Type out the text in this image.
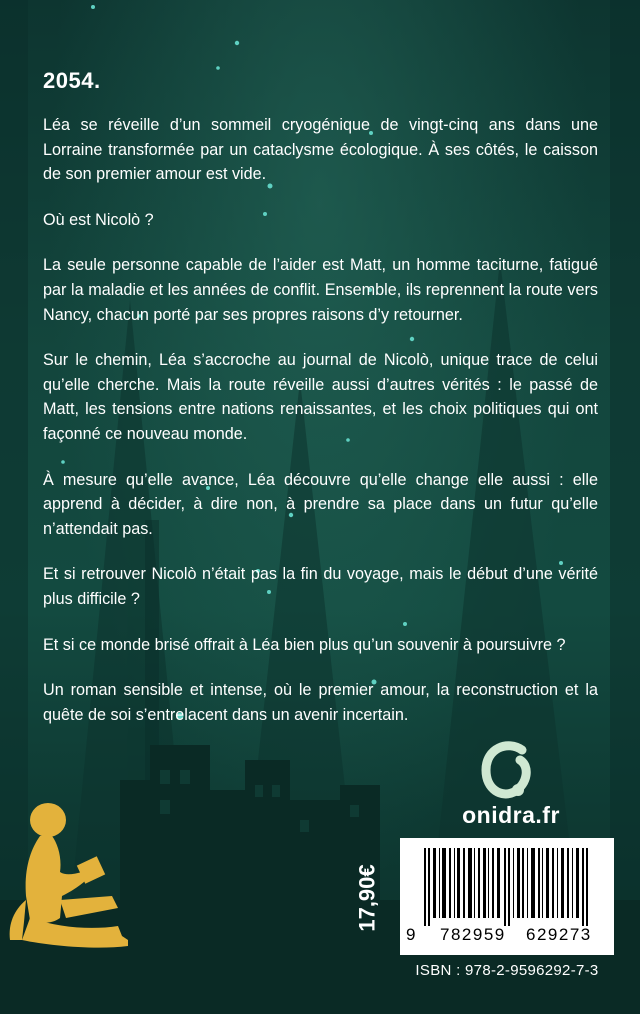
2054.

Léa se réveille d’un sommeil cryogénique de vingt-cinq ans dans une Lorraine transformée par un cataclysme écologique. À ses côtés, le caisson de son premier amour est vide.

Où est Nicolò ?

La seule personne capable de l’aider est Matt, un homme taciturne, fatigué par la maladie et les années de conflit. Ensemble, ils reprennent la route vers Nancy, chacun porté par ses propres raisons d’y retourner.

Sur le chemin, Léa s’accroche au journal de Nicolò, unique trace de celui qu’elle cherche. Mais la route réveille aussi d’autres vérités : le passé de Matt, les tensions entre nations renaissantes, et les choix politiques qui ont façonné ce nouveau monde.

À mesure qu’elle avance, Léa découvre qu’elle change elle aussi : elle apprend à décider, à dire non, à prendre sa place dans un futur qu’elle n’attendait pas.

Et si retrouver Nicolò n’était pas la fin du voyage, mais le début d’une vérité plus difficile ?

Et si ce monde brisé offrait à Léa bien plus qu’un souvenir à poursuivre ?

Un roman sensible et intense, où le premier amour, la reconstruction et la quête de soi s’entrelacent dans un avenir incertain.

onidra.fr
17,90€
9 782959 629273
ISBN : 978-2-9596292-7-3
